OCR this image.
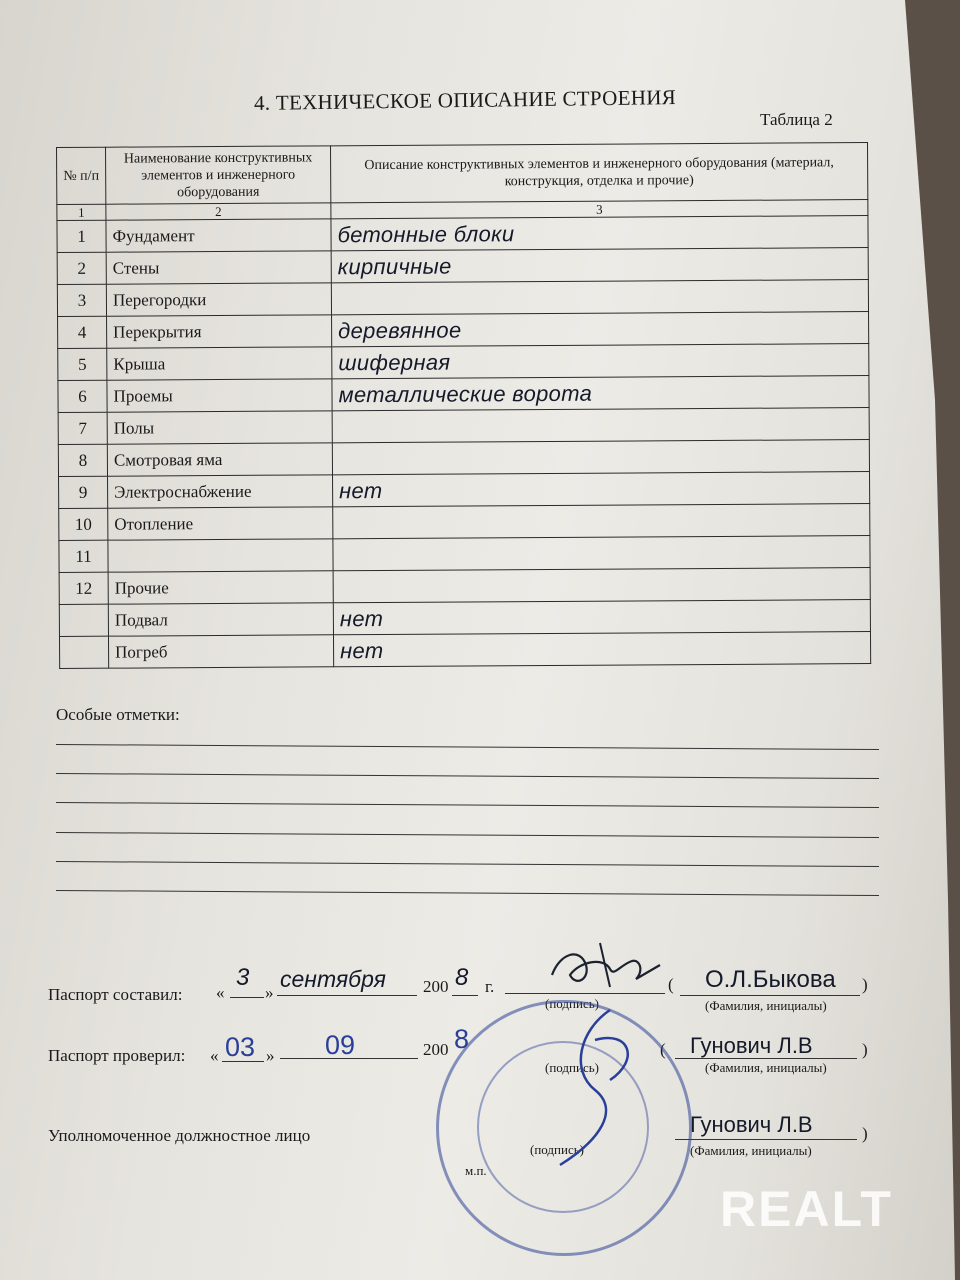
4. ТЕХНИЧЕСКОЕ ОПИСАНИЕ СТРОЕНИЯ
Таблица 2
№ п/п	Наименование конструктивных элементов и инженерного оборудования	Описание конструктивных элементов и инженерного оборудования (материал, конструкция, отделка и прочие)
1	2	3
1	Фундамент	бетонные блоки
2	Стены	кирпичные
3	Перегородки	
4	Перекрытия	деревянное
5	Крыша	шиферная
6	Проемы	металлические ворота
7	Полы	
8	Смотровая яма	
9	Электроснабжение	нет
10	Отопление	
11		
12	Прочие	
	Подвал	нет
	Погреб	нет
Особые отметки:
Паспорт составил: «
3
»
сентября 200 8 г.
(подпись)
( О.Л.Быкова )
(Фамилия, инициалы)
Паспорт проверил: « 03 » 09	200 8
(подпись)
( Гунович Л.В	)
(Фамилия, инициалы)
Уполномоченное должностное лицо
м.п.
(подпись)
Гунович Л.В	)
(Фамилия, инициалы)
REALT
